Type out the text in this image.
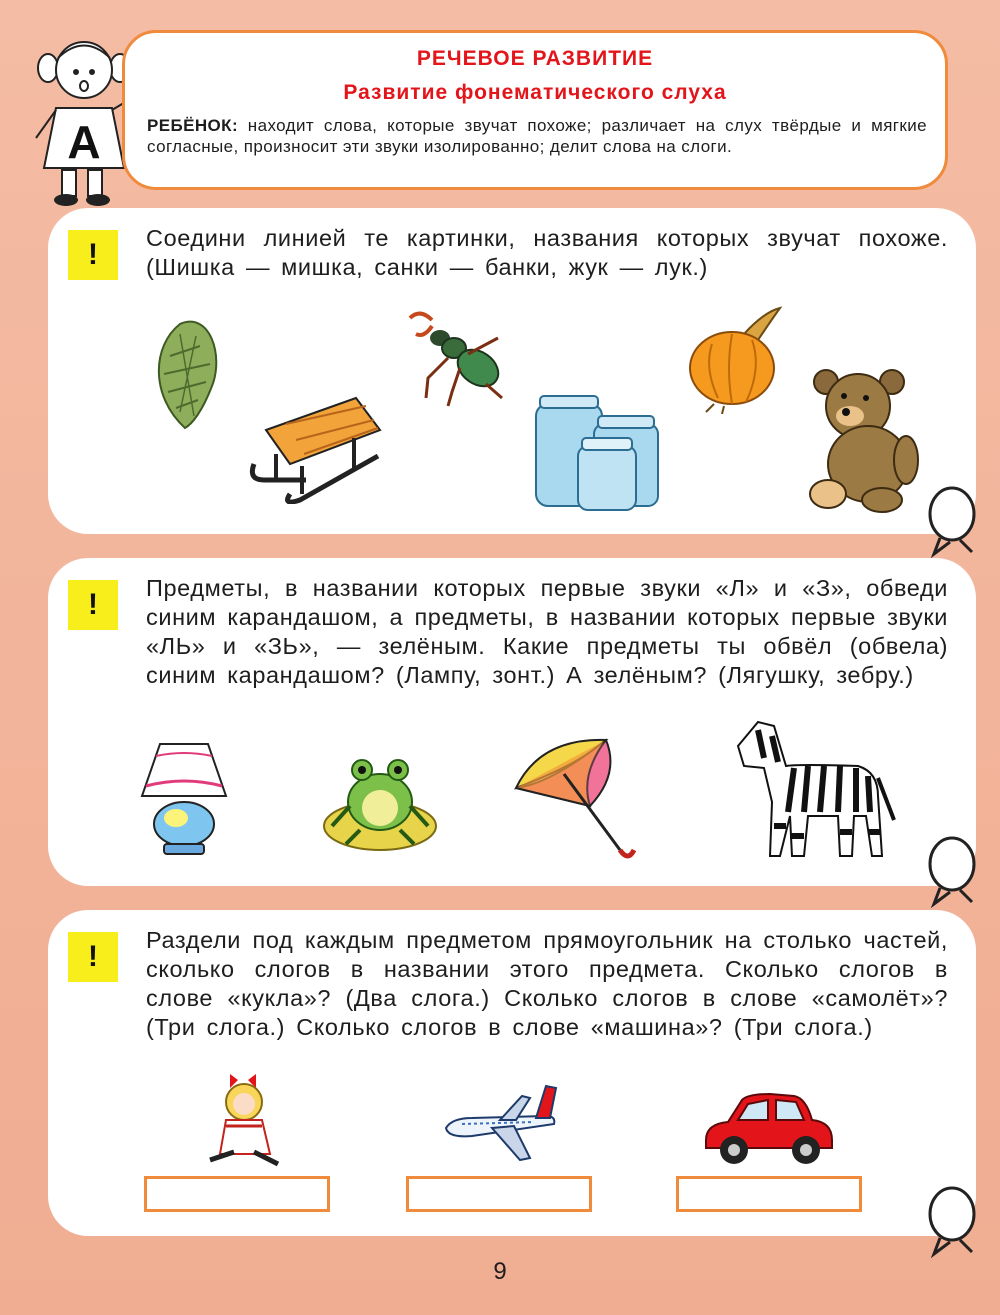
А
РЕЧЕВОЕ РАЗВИТИЕ
Развитие фонематического слуха
РЕБЁНОК: находит слова, которые звучат похоже; различает на слух твёрдые и мягкие согласные, произносит эти звуки изолированно; делит слова на слоги.
!	Соедини линией те картинки, названия которых звучат похоже. (Шишка — мишка, санки — банки, жук — лук.)
!	Предметы, в названии которых первые звуки «Л» и «З», обведи синим карандашом, а предметы, в названии которых первые звуки «ЛЬ» и «ЗЬ», — зелёным. Какие предметы ты обвёл (обвела) синим карандашом? (Лампу, зонт.) А зелёным? (Лягушку, зебру.)
!	Раздели под каждым предметом прямоугольник на столько частей, сколько слогов в названии этого предмета. Сколько слогов в слове «кукла»? (Два слога.) Сколько слогов в слове «самолёт»? (Три слога.) Сколько слогов в слове «машина»? (Три слога.)
9
